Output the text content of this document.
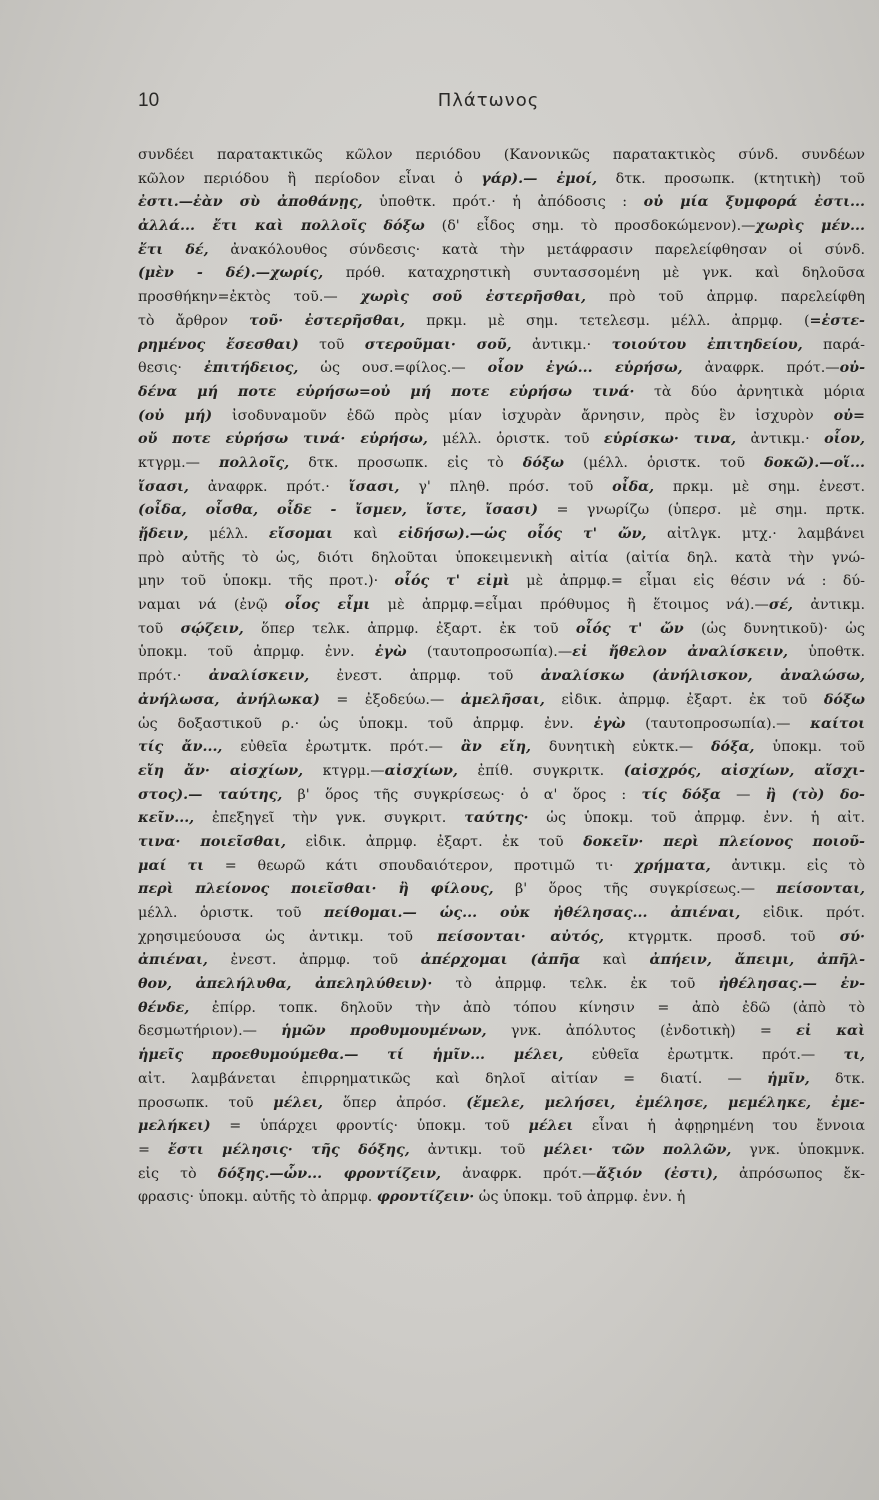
10	Πλάτωνος
συνδέει παρατακτικῶς κῶλον περιόδου (Κανονικῶς παρατακτικὸς σύνδ. συνδέων
κῶλον περιόδου ἢ περίοδον εἶναι ὁ γάρ).— ἐμοί, δτκ. προσωπκ. (κτητικὴ) τοῦ
ἐστι.—ἐὰν σὺ ἀποθάνῃς, ὑποθτκ. πρότ.· ἡ ἀπόδοσις : οὐ μία ξυμφορά ἐστι...
ἀλλά... ἔτι καὶ πολλοῖς δόξω (δ' εἶδος σημ. τὸ προσδοκώμενον).—χωρὶς μέν...
ἔτι δέ, ἀνακόλουθος σύνδεσις· κατὰ τὴν μετάφρασιν παρελείφθησαν οἱ σύνδ.
(μὲν - δέ).—χωρίς, πρόθ. καταχρηστικὴ συντασσομένη μὲ γνκ. καὶ δηλοῦσα
προσθήκην=ἐκτὸς τοῦ.— χωρὶς σοῦ ἐστερῆσθαι, πρὸ τοῦ ἀπρμφ. παρελείφθη
τὸ ἄρθρον τοῦ· ἐστερῆσθαι, πρκμ. μὲ σημ. τετελεσμ. μέλλ. ἀπρμφ. (=ἐστε-
ρημένος ἔσεσθαι) τοῦ στεροῦμαι· σοῦ, ἀντικμ.· τοιούτου ἐπιτηδείου, παρά-
θεσις· ἐπιτήδειος, ὡς ουσ.=φίλος.— οἷον ἐγώ... εὑρήσω, ἀναφρκ. πρότ.—οὐ-
δένα μή ποτε εὑρήσω=οὐ μή ποτε εὑρήσω τινά· τὰ δύο ἀρνητικὰ μόρια
(οὐ μή) ἰσοδυναμοῦν ἐδῶ πρὸς μίαν ἰσχυρὰν ἄρνησιν, πρὸς ἓν ἰσχυρὸν οὐ=
οὔ ποτε εὑρήσω τινά· εὑρήσω, μέλλ. ὁριστκ. τοῦ εὑρίσκω· τινα, ἀντικμ.· οἷον,
κτγρμ.— πολλοῖς, δτκ. προσωπκ. εἰς τὸ δόξω (μέλλ. ὁριστκ. τοῦ δοκῶ).—οἵ...
ἴσασι, ἀναφρκ. πρότ.· ἴσασι, γ' πληθ. πρόσ. τοῦ οἶδα, πρκμ. μὲ σημ. ἐνεστ.
(οἶδα, οἶσθα, οἶδε - ἴσμεν, ἴστε, ἴσασι) = γνωρίζω (ὑπερσ. μὲ σημ. πρτκ.
ᾔδειν, μέλλ. εἴσομαι καὶ εἰδήσω).—ὡς οἷός τ' ὤν, αἰτλγκ. μτχ.· λαμβάνει
πρὸ αὐτῆς τὸ ὡς, διότι δηλοῦται ὑποκειμενικὴ αἰτία (αἰτία δηλ. κατὰ τὴν γνώ-
μην τοῦ ὑποκμ. τῆς προτ.)· οἷός τ' εἰμὶ μὲ ἀπρμφ.= εἶμαι εἰς θέσιν νά : δύ-
ναμαι νά (ἐνῷ οἷος εἶμι μὲ ἀπρμφ.=εἶμαι πρόθυμος ἢ ἕτοιμος νά).—σέ, ἀντικμ.
τοῦ σῴζειν, ὅπερ τελκ. ἀπρμφ. ἐξαρτ. ἐκ τοῦ οἷός τ' ὤν (ὡς δυνητικοῦ)· ὡς
ὑποκμ. τοῦ ἀπρμφ. ἐνν. ἐγὼ (ταυτοπροσωπία).—εἰ ἤθελον ἀναλίσκειν, ὑποθτκ.
πρότ.· ἀναλίσκειν, ἐνεστ. ἀπρμφ. τοῦ ἀναλίσκω (ἀνήλισκον, ἀναλώσω,
ἀνήλωσα, ἀνήλωκα) = ἐξοδεύω.— ἀμελῆσαι, εἰδικ. ἀπρμφ. ἐξαρτ. ἐκ τοῦ δόξω
ὡς δοξαστικοῦ ρ.· ὡς ὑποκμ. τοῦ ἀπρμφ. ἐνν. ἐγὼ (ταυτοπροσωπία).— καίτοι
τίς ἄν..., εὐθεῖα ἐρωτμτκ. πρότ.— ἂν εἴη, δυνητικὴ εὐκτκ.— δόξα, ὑποκμ. τοῦ
εἴη ἄν· αἰσχίων, κτγρμ.—αἰσχίων, ἐπίθ. συγκριτκ. (αἰσχρός, αἰσχίων, αἴσχι-
στος).— ταύτης, β' ὅρος τῆς συγκρίσεως· ὁ α' ὅρος : τίς δόξα — ἢ (τὸ) δο-
κεῖν..., ἐπεξηγεῖ τὴν γνκ. συγκριτ. ταύτης· ὡς ὑποκμ. τοῦ ἀπρμφ. ἐνν. ἡ αἰτ.
τινα· ποιεῖσθαι, εἰδικ. ἀπρμφ. ἐξαρτ. ἐκ τοῦ δοκεῖν· περὶ πλείονος ποιοῦ-
μαί τι = θεωρῶ κάτι σπουδαιότερον, προτιμῶ τι· χρήματα, ἀντικμ. εἰς τὸ
περὶ πλείονος ποιεῖσθαι· ἢ φίλους, β' ὅρος τῆς συγκρίσεως.— πείσονται,
μέλλ. ὁριστκ. τοῦ πείθομαι.— ὡς... οὐκ ἠθέλησας... ἀπιέναι, εἰδικ. πρότ.
χρησιμεύουσα ὡς ἀντικμ. τοῦ πείσονται· αὐτός, κτγρμτκ. προσδ. τοῦ σύ·
ἀπιέναι, ἐνεστ. ἀπρμφ. τοῦ ἀπέρχομαι (ἀπῆα καὶ ἀπήειν, ἄπειμι, ἀπῆλ-
θον, ἀπελήλυθα, ἀπεληλύθειν)· τὸ ἀπρμφ. τελκ. ἐκ τοῦ ἠθέλησας.— ἐν-
θένδε, ἐπίρρ. τοπκ. δηλοῦν τὴν ἀπὸ τόπου κίνησιν = ἀπὸ ἐδῶ (ἀπὸ τὸ
δεσμωτήριον).— ἡμῶν προθυμουμένων, γνκ. ἀπόλυτος (ἐνδοτικὴ) = εἰ καὶ
ἡμεῖς προεθυμούμεθα.— τί ἡμῖν... μέλει, εὐθεῖα ἐρωτμτκ. πρότ.— τι,
αἰτ. λαμβάνεται ἐπιρρηματικῶς καὶ δηλοῖ αἰτίαν = διατί. — ἡμῖν, δτκ.
προσωπκ. τοῦ μέλει, ὅπερ ἀπρόσ. (ἔμελε, μελήσει, ἐμέλησε, μεμέληκε, ἐμε-
μελήκει) = ὑπάρχει φροντίς· ὑποκμ. τοῦ μέλει εἶναι ἡ ἀφῃρημένη του ἔννοια
= ἔστι μέλησις· τῆς δόξης, ἀντικμ. τοῦ μέλει· τῶν πολλῶν, γνκ. ὑποκμνκ.
εἰς τὸ δόξης.—ὧν... φροντίζειν, ἀναφρκ. πρότ.—ἄξιόν (ἐστι), ἀπρόσωπος ἔκ-
φρασις· ὑποκμ. αὐτῆς τὸ ἀπρμφ. φροντίζειν· ὡς ὑποκμ. τοῦ ἀπρμφ. ἐνν. ἡ
